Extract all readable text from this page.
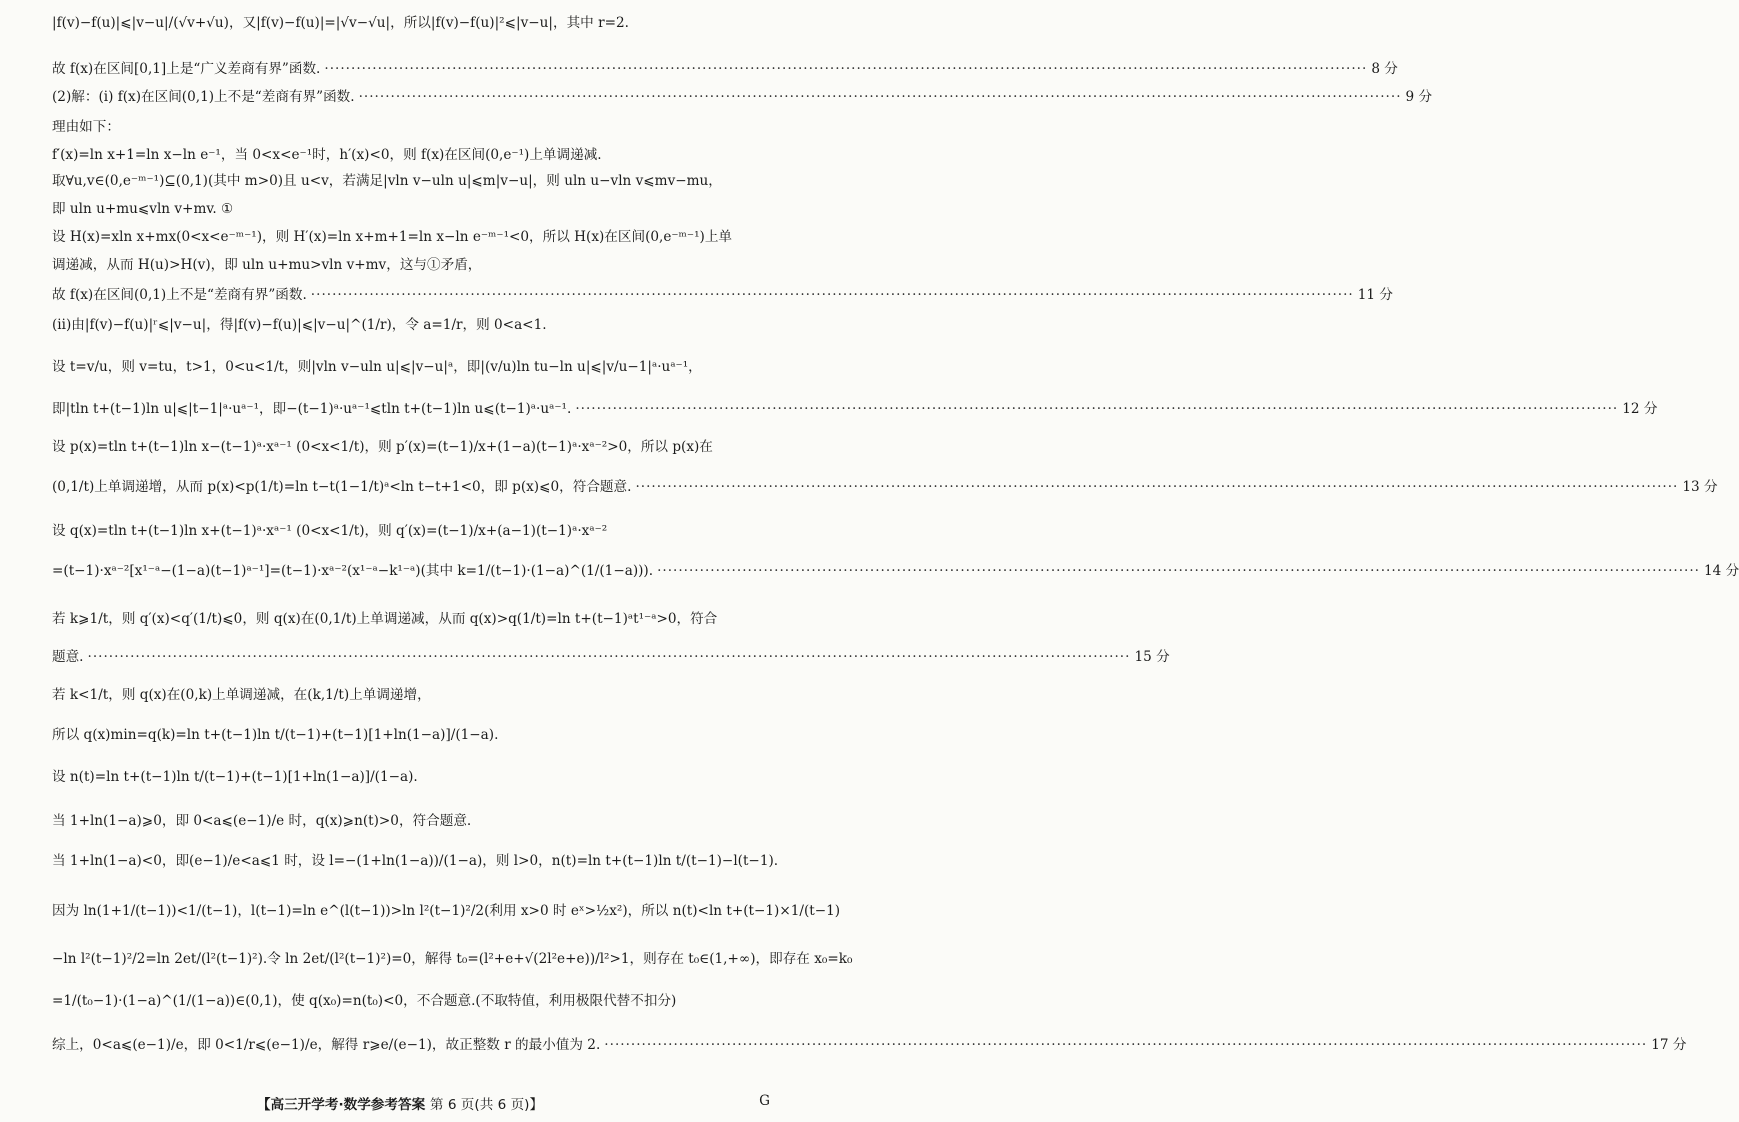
|f(v)−f(u)|⩽|v−u|/(√v+√u)，又|f(v)−f(u)|=|√v−√u|，所以|f(v)−f(u)|²⩽|v−u|，其中 r=2.
故 f(x)在区间[0,1]上是“广义差商有界”函数. ·····	8 分
(2)解：(ⅰ) f(x)在区间(0,1)上不是“差商有界”函数. ·····	9 分
理由如下：
f′(x)=ln x+1=ln x−ln e⁻¹，当 0<x<e⁻¹时，h′(x)<0，则 f(x)在区间(0,e⁻¹)上单调递减.
取∀u,v∈(0,e⁻ᵐ⁻¹)⊆(0,1)(其中 m>0)且 u<v，若满足|vln v−uln u|⩽m|v−u|，则 uln u−vln v⩽mv−mu，
即 uln u+mu⩽vln v+mv. ①
设 H(x)=xln x+mx(0<x<e⁻ᵐ⁻¹)，则 H′(x)=ln x+m+1=ln x−ln e⁻ᵐ⁻¹<0，所以 H(x)在区间(0,e⁻ᵐ⁻¹)上单
调递减，从而 H(u)>H(v)，即 uln u+mu>vln v+mv，这与①矛盾，
故 f(x)在区间(0,1)上不是“差商有界”函数. ·····	11 分
(ⅱ)由|f(v)−f(u)|ʳ⩽|v−u|，得|f(v)−f(u)|⩽|v−u|^(1/r)，令 a=1/r，则 0<a<1.
设 t=v/u，则 v=tu，t>1，0<u<1/t，则|vln v−uln u|⩽|v−u|ᵃ，即|(v/u)ln tu−ln u|⩽|v/u−1|ᵃ·uᵃ⁻¹，
即|tln t+(t−1)ln u|⩽|t−1|ᵃ·uᵃ⁻¹，即−(t−1)ᵃ·uᵃ⁻¹⩽tln t+(t−1)ln u⩽(t−1)ᵃ·uᵃ⁻¹. ·····	12 分
设 p(x)=tln t+(t−1)ln x−(t−1)ᵃ·xᵃ⁻¹ (0<x<1/t)，则 p′(x)=(t−1)/x+(1−a)(t−1)ᵃ·xᵃ⁻²>0，所以 p(x)在
(0,1/t)上单调递增，从而 p(x)<p(1/t)=ln t−t(1−1/t)ᵃ<ln t−t+1<0，即 p(x)⩽0，符合题意. ·····	13 分
设 q(x)=tln t+(t−1)ln x+(t−1)ᵃ·xᵃ⁻¹ (0<x<1/t)，则 q′(x)=(t−1)/x+(a−1)(t−1)ᵃ·xᵃ⁻²
=(t−1)·xᵃ⁻²[x¹⁻ᵃ−(1−a)(t−1)ᵃ⁻¹]=(t−1)·xᵃ⁻²(x¹⁻ᵃ−k¹⁻ᵃ)(其中 k=1/(t−1)·(1−a)^(1/(1−a))). ·····	14 分
若 k⩾1/t，则 q′(x)<q′(1/t)⩽0，则 q(x)在(0,1/t)上单调递减，从而 q(x)>q(1/t)=ln t+(t−1)ᵃt¹⁻ᵃ>0，符合
题意. ·····	15 分
若 k<1/t，则 q(x)在(0,k)上单调递减，在(k,1/t)上单调递增，
所以 q(x)min=q(k)=ln t+(t−1)ln t/(t−1)+(t−1)[1+ln(1−a)]/(1−a).
设 n(t)=ln t+(t−1)ln t/(t−1)+(t−1)[1+ln(1−a)]/(1−a).
当 1+ln(1−a)⩾0，即 0<a⩽(e−1)/e 时，q(x)⩾n(t)>0，符合题意.
当 1+ln(1−a)<0，即(e−1)/e<a⩽1 时，设 l=−(1+ln(1−a))/(1−a)，则 l>0，n(t)=ln t+(t−1)ln t/(t−1)−l(t−1).
因为 ln(1+1/(t−1))<1/(t−1)，l(t−1)=ln e^(l(t−1))>ln l²(t−1)²/2(利用 x>0 时 eˣ>½x²)，所以 n(t)<ln t+(t−1)×1/(t−1)
−ln l²(t−1)²/2=ln 2et/(l²(t−1)²).令 ln 2et/(l²(t−1)²)=0，解得 t₀=(l²+e+√(2l²e+e))/l²>1，则存在 t₀∈(1,+∞)，即存在 x₀=k₀
=1/(t₀−1)·(1−a)^(1/(1−a))∈(0,1)，使 q(x₀)=n(t₀)<0，不合题意.(不取特值，利用极限代替不扣分)
综上，0<a⩽(e−1)/e，即 0<1/r⩽(e−1)/e，解得 r⩾e/(e−1)，故正整数 r 的最小值为 2. ·····	17 分
【高三开学考·数学参考答案 第 6 页(共 6 页)】	G
